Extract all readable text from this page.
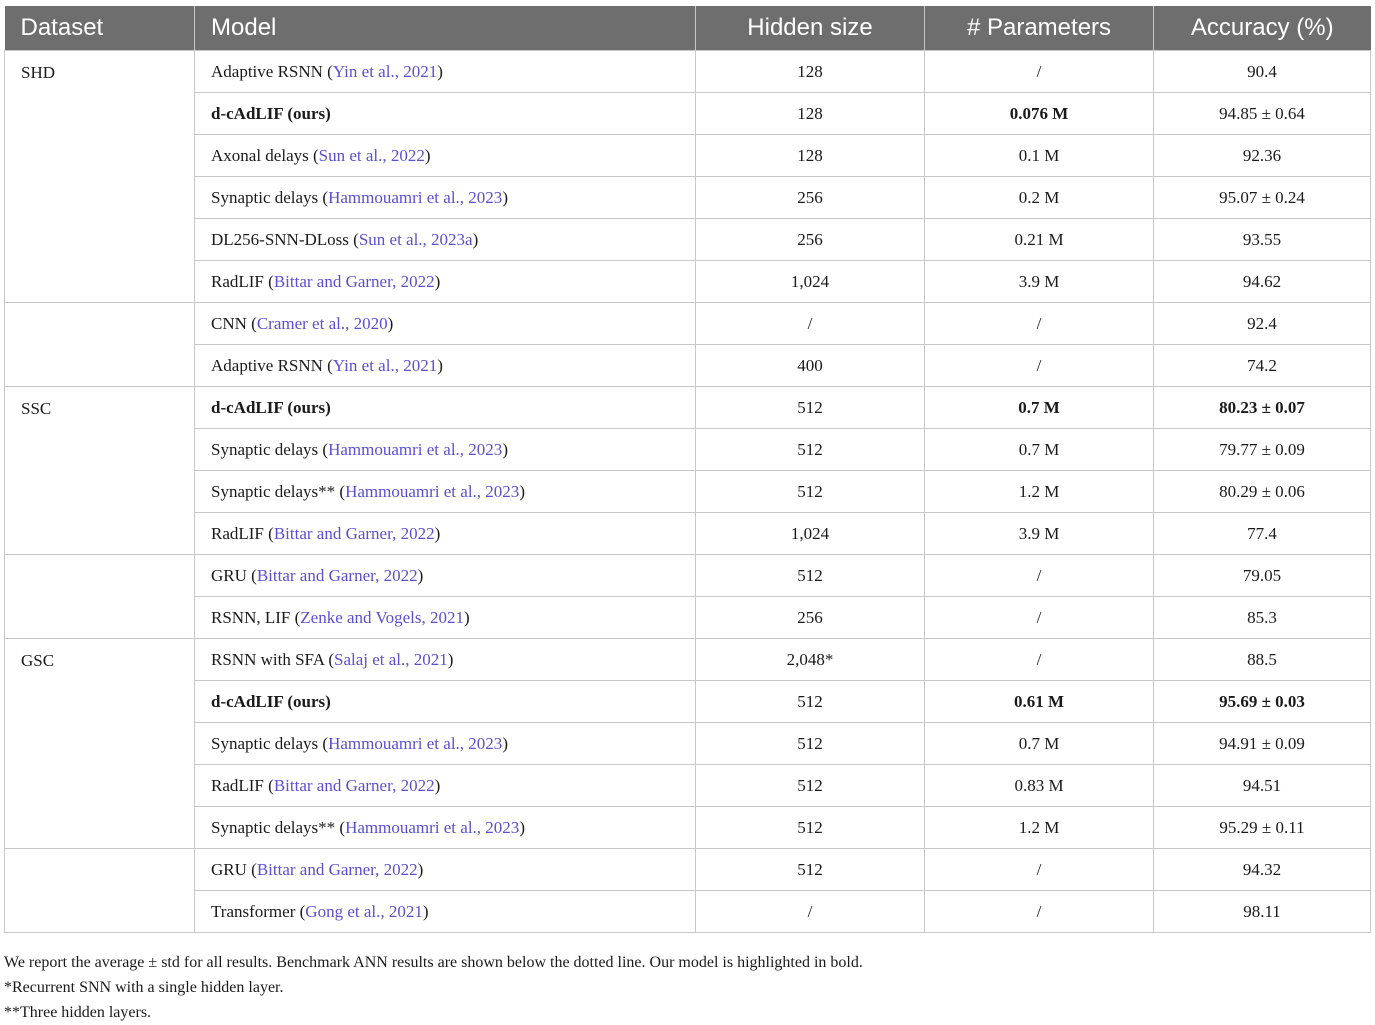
Dataset	Model	Hidden size	# Parameters	Accuracy (%)
SHD	Adaptive RSNN (Yin et al., 2021)	128	/	90.4
	d-cAdLIF (ours)	128	0.076 M	94.85 ± 0.64
	Axonal delays (Sun et al., 2022)	128	0.1 M	92.36
	Synaptic delays (Hammouamri et al., 2023)	256	0.2 M	95.07 ± 0.24
	DL256-SNN-DLoss (Sun et al., 2023a)	256	0.21 M	93.55
	RadLIF (Bittar and Garner, 2022)	1,024	3.9 M	94.62
	CNN (Cramer et al., 2020)	/	/	92.4
	Adaptive RSNN (Yin et al., 2021)	400	/	74.2
SSC	d-cAdLIF (ours)	512	0.7 M	80.23 ± 0.07
	Synaptic delays (Hammouamri et al., 2023)	512	0.7 M	79.77 ± 0.09
	Synaptic delays** (Hammouamri et al., 2023)	512	1.2 M	80.29 ± 0.06
	RadLIF (Bittar and Garner, 2022)	1,024	3.9 M	77.4
	GRU (Bittar and Garner, 2022)	512	/	79.05
	RSNN, LIF (Zenke and Vogels, 2021)	256	/	85.3
GSC	RSNN with SFA (Salaj et al., 2021)	2,048*	/	88.5
	d-cAdLIF (ours)	512	0.61 M	95.69 ± 0.03
	Synaptic delays (Hammouamri et al., 2023)	512	0.7 M	94.91 ± 0.09
	RadLIF (Bittar and Garner, 2022)	512	0.83 M	94.51
	Synaptic delays** (Hammouamri et al., 2023)	512	1.2 M	95.29 ± 0.11
	GRU (Bittar and Garner, 2022)	512	/	94.32
	Transformer (Gong et al., 2021)	/	/	98.11
We report the average ± std for all results. Benchmark ANN results are shown below the dotted line. Our model is highlighted in bold.
*Recurrent SNN with a single hidden layer.
**Three hidden layers.
